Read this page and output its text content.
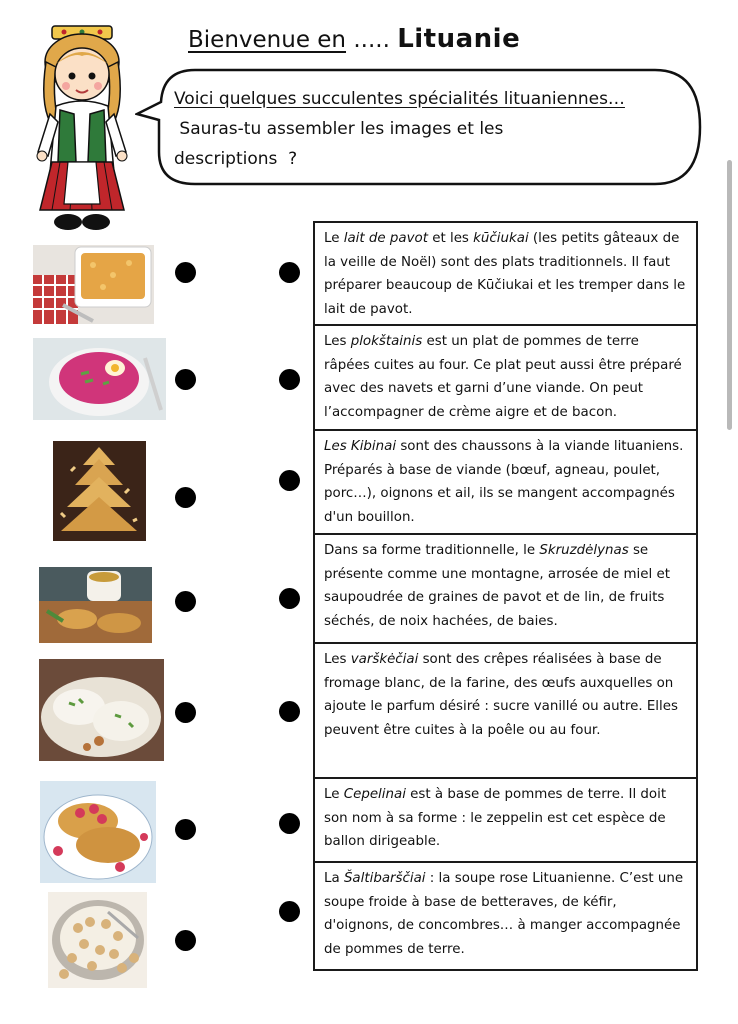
Bienvenue en ..... Lituanie
Voici quelques succulentes spécialités lituaniennes…
Sauras-tu assembler les images et les
descriptions  ?
Le lait de pavot et les kūčiukai (les petits gâteaux de la veille de Noël) sont des plats traditionnels. Il faut préparer beaucoup de Kūčiukai et les tremper dans le lait de pavot.
Les plokštainis est un plat de pommes de terre râpées cuites au four. Ce plat peut aussi être préparé avec des navets et garni d’une viande. On peut l’accompagner de crème aigre et de bacon.
Les Kibinai sont des chaussons à la viande lituaniens. Préparés à base de viande (bœuf, agneau, poulet, porc…), oignons et ail, ils se mangent accompagnés d'un bouillon.
Dans sa forme traditionnelle, le Skruzdėlynas se présente comme une montagne, arrosée de miel et saupoudrée de graines de pavot et de lin, de fruits séchés, de noix hachées, de baies.
Les varškėčiai sont des crêpes réalisées à base de fromage blanc, de la farine, des œufs auxquelles on ajoute le parfum désiré : sucre vanillé ou autre. Elles peuvent être cuites à la poêle ou au four.
Le Cepelinai est à base de pommes de terre. Il doit son nom à sa forme : le zeppelin est cet espèce de ballon dirigeable.
La Šaltibarščiai : la soupe rose Lituanienne. C’est une soupe froide à base de betteraves, de kéfir, d'oignons, de concombres… à manger accompagnée de pommes de terre.
